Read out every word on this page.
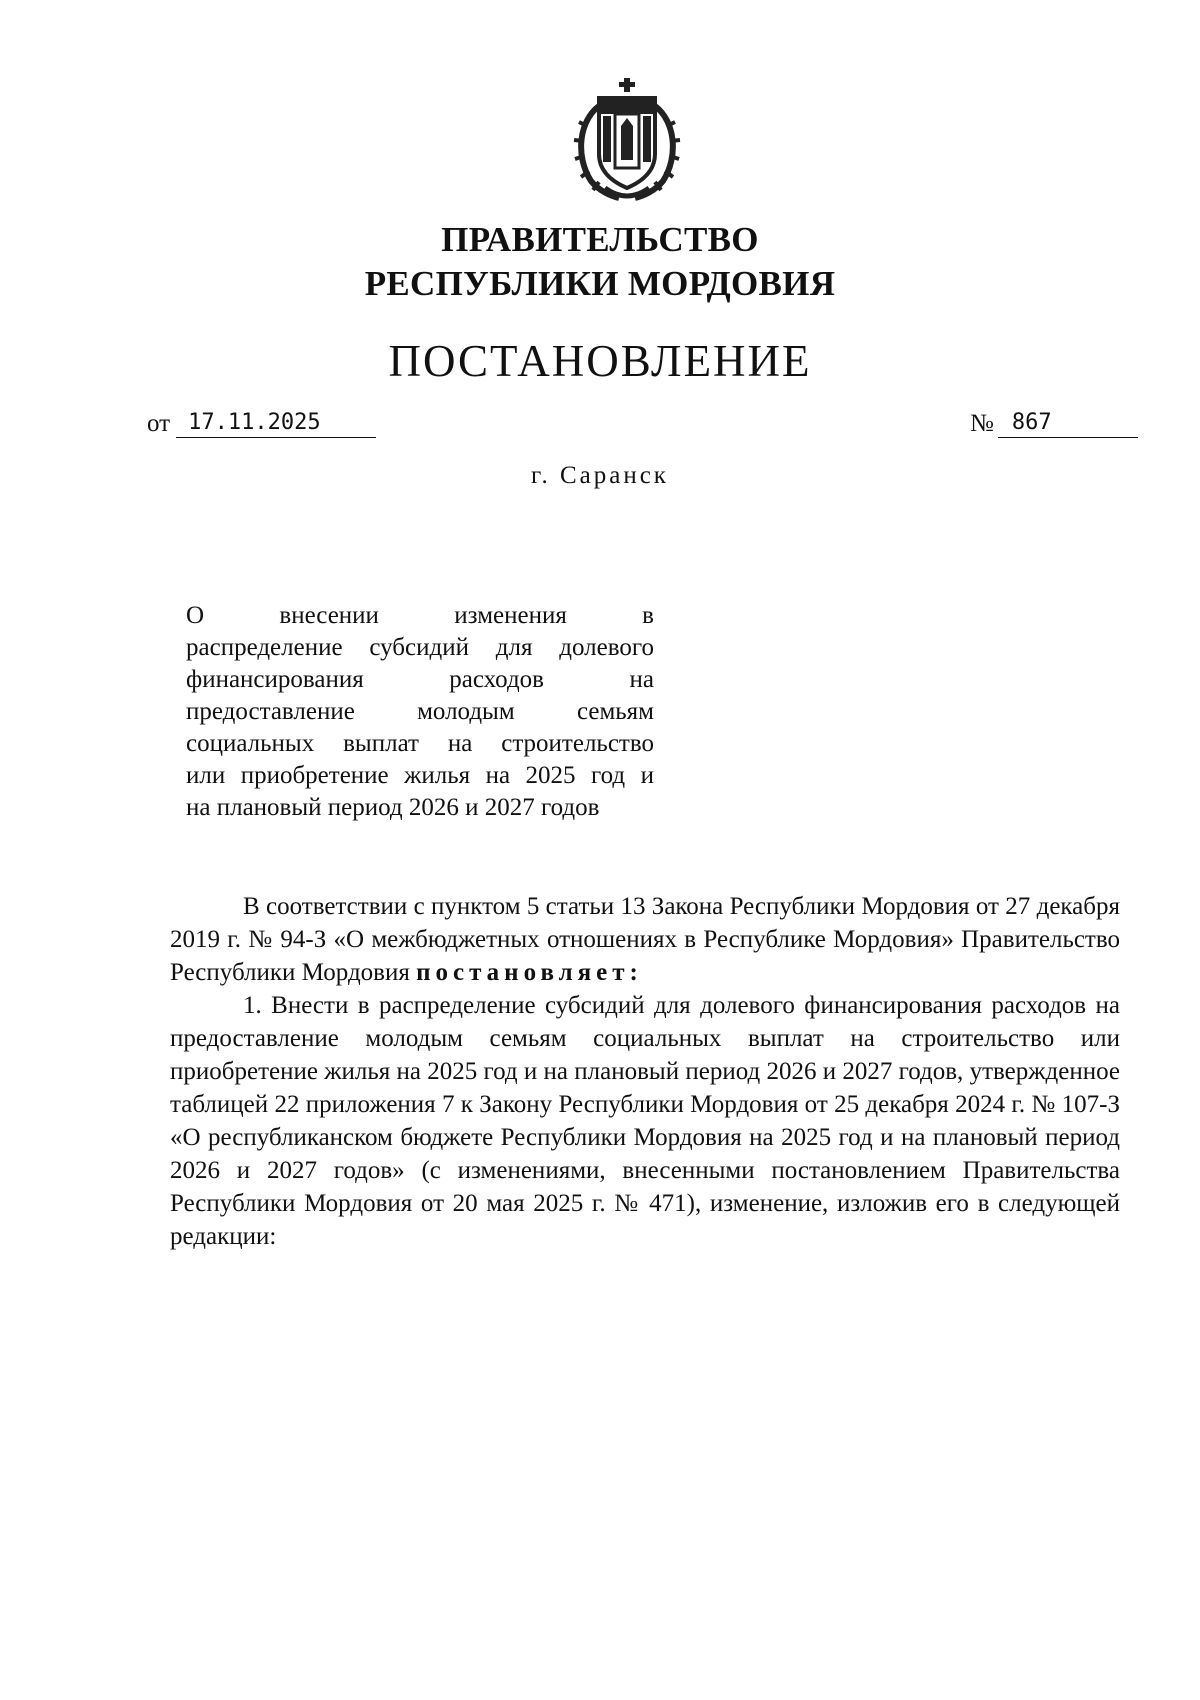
ПРАВИТЕЛЬСТВО
РЕСПУБЛИКИ МОРДОВИЯ
ПОСТАНОВЛЕНИЕ
от 17.11.2025	№ 867
г. Саранск
О внесении изменения в
распределение субсидий для долевого
финансирования расходов на
предоставление молодым семьям
социальных выплат на строительство
или приобретение жилья на 2025 год и
на плановый период 2026 и 2027 годов

В соответствии с пунктом 5 статьи 13 Закона Республики Мордовия от 27 декабря 2019 г. № 94-З «О межбюджетных отношениях в Республике Мордовия» Правительство Республики Мордовия постановляет:

1. Внести в распределение субсидий для долевого финансирования расходов на предоставление молодым семьям социальных выплат на строительство или приобретение жилья на 2025 год и на плановый период 2026 и 2027 годов, утвержденное таблицей 22 приложения 7 к Закону Республики Мордовия от 25 декабря 2024 г. № 107-З «О республиканском бюджете Республики Мордовия на 2025 год и на плановый период 2026 и 2027 годов» (с изменениями, внесенными постановлением Правительства Республики Мордовия от 20 мая 2025 г. № 471), изменение, изложив его в следующей редакции:
